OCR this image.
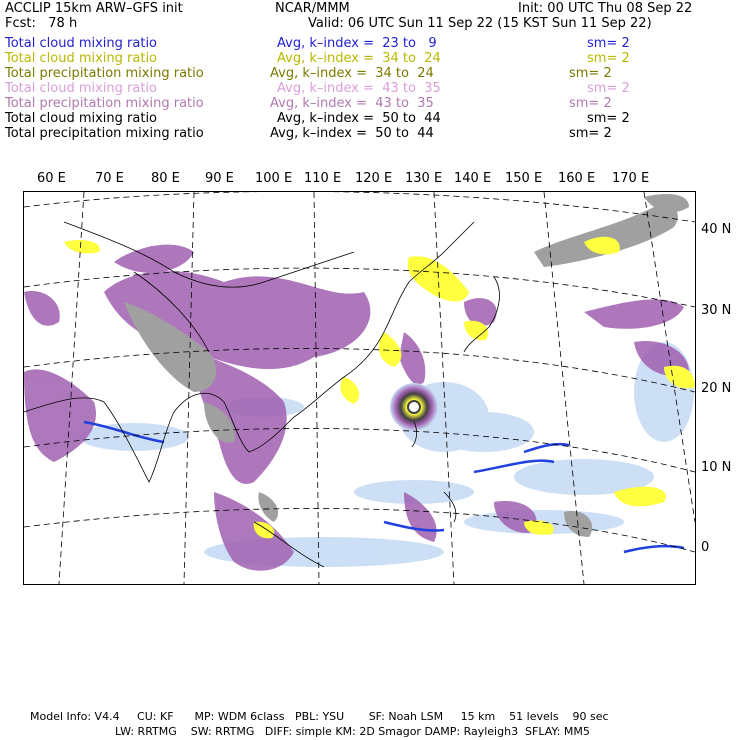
ACCLIP 15km ARW–GFS init	NCAR/MMM	Init: 00 UTC Thu 08 Sep 22
Fcst:   78 h	Valid: 06 UTC Sun 11 Sep 22 (15 KST Sun 11 Sep 22)
Total cloud mixing ratio	Avg, k–index =  23 to   9	sm= 2
Total cloud mixing ratio	Avg, k–index =  34 to  24	sm= 2
Total precipitation mixing ratio	Avg, k–index =  34 to  24	sm= 2
Total cloud mixing ratio	Avg, k–index =  43 to  35	sm= 2
Total precipitation mixing ratio	Avg, k–index =  43 to  35	sm= 2
Total cloud mixing ratio	Avg, k–index =  50 to  44	sm= 2
Total precipitation mixing ratio	Avg, k–index =  50 to  44	sm= 2
60 E 70 E 80 E 90 E 100 E 110 E 120 E 130 E 140 E 150 E 160 E 170 E
40 N
30 N
20 N
10 N
0
Model Info: V4.4     CU: KF      MP: WDM 6class   PBL: YSU       SF: Noah LSM     15 km    51 levels    90 sec
LW: RRTMG    SW: RRTMG   DIFF: simple KM: 2D Smagor DAMP: Rayleigh3  SFLAY: MM5
